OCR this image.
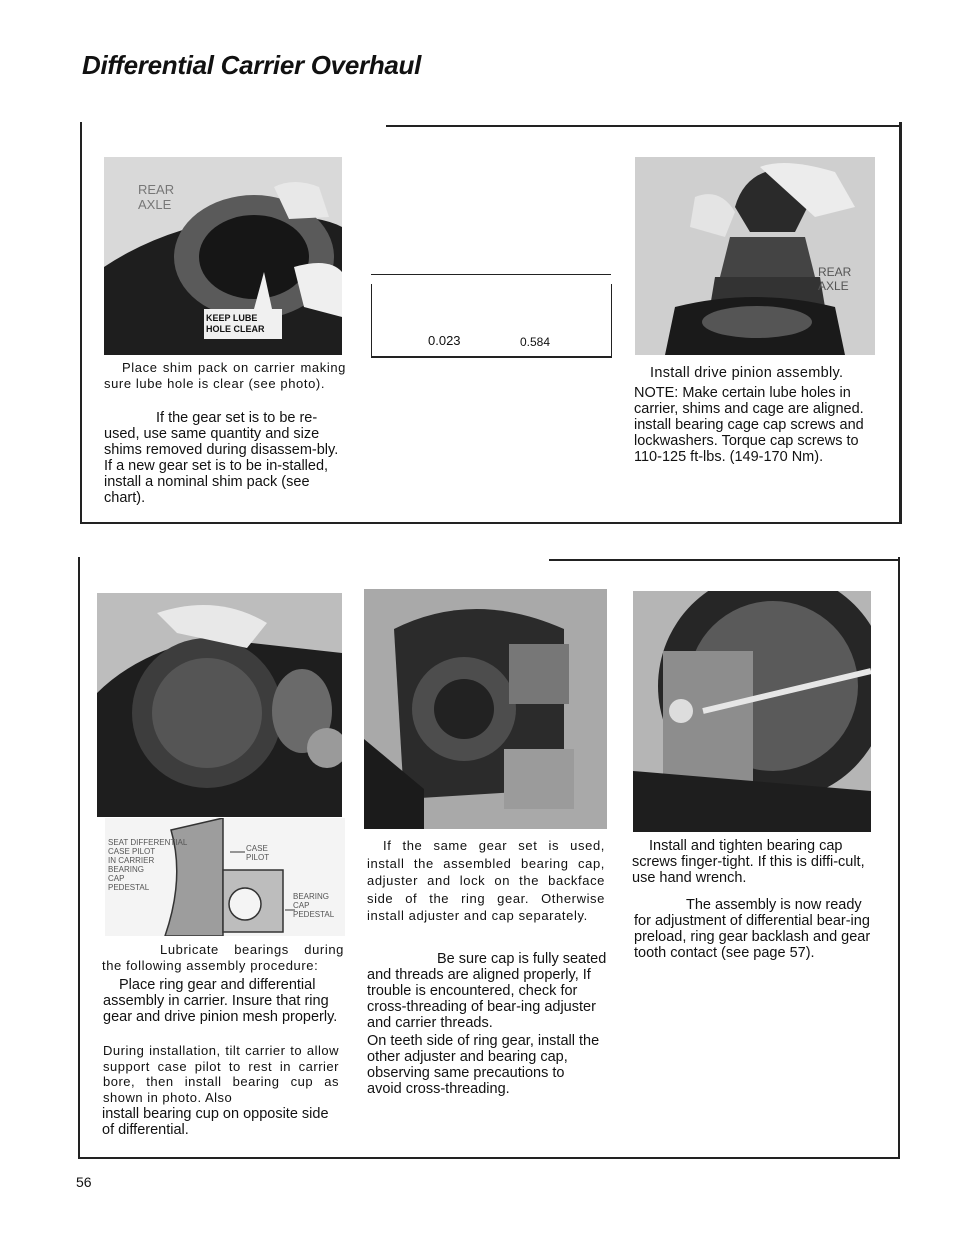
Differential Carrier Overhaul
REAR
AXLE
KEEP LUBE
HOLE CLEAR
Place shim pack on carrier making sure lube hole is clear (see photo).
If the gear set is to be re-used, use same quantity and size shims removed during disassem-bly. If a new gear set is to be in-stalled, install a nominal shim pack (see chart).
0.023	0.584
REAR
AXLE
Install drive pinion assembly.
NOTE: Make certain lube holes in carrier, shims and cage are aligned. install bearing cage cap screws and lockwashers. Torque cap screws to 110-125 ft-lbs. (149-170 Nm).
SEAT DIFFERENTIAL
CASE PILOT
IN CARRIER
BEARING
CAP
PEDESTAL
CASE
PILOT
BEARING
CAP
PEDESTAL
Lubricate bearings during the following assembly procedure:
Place ring gear and differential assembly in carrier. Insure that ring gear and drive pinion mesh properly.
During installation, tilt carrier to allow support case pilot to rest in carrier bore, then install bearing cup as shown in photo. Also
install bearing cup on opposite side of differential.
If the same gear set is used, install the assembled bearing cap, adjuster and lock on the backface side of the ring gear. Otherwise install adjuster and cap separately.
Be sure cap is fully seated and threads are aligned properly, If trouble is encountered, check for cross-threading of bear-ing adjuster and carrier threads.
On teeth side of ring gear, install the other adjuster and bearing cap, observing same precautions to avoid cross-threading.
Install and tighten bearing cap screws finger-tight. If this is diffi-cult, use hand wrench.
The assembly is now ready for adjustment of differential bear-ing preload, ring gear backlash and gear tooth contact (see page 57).
56
